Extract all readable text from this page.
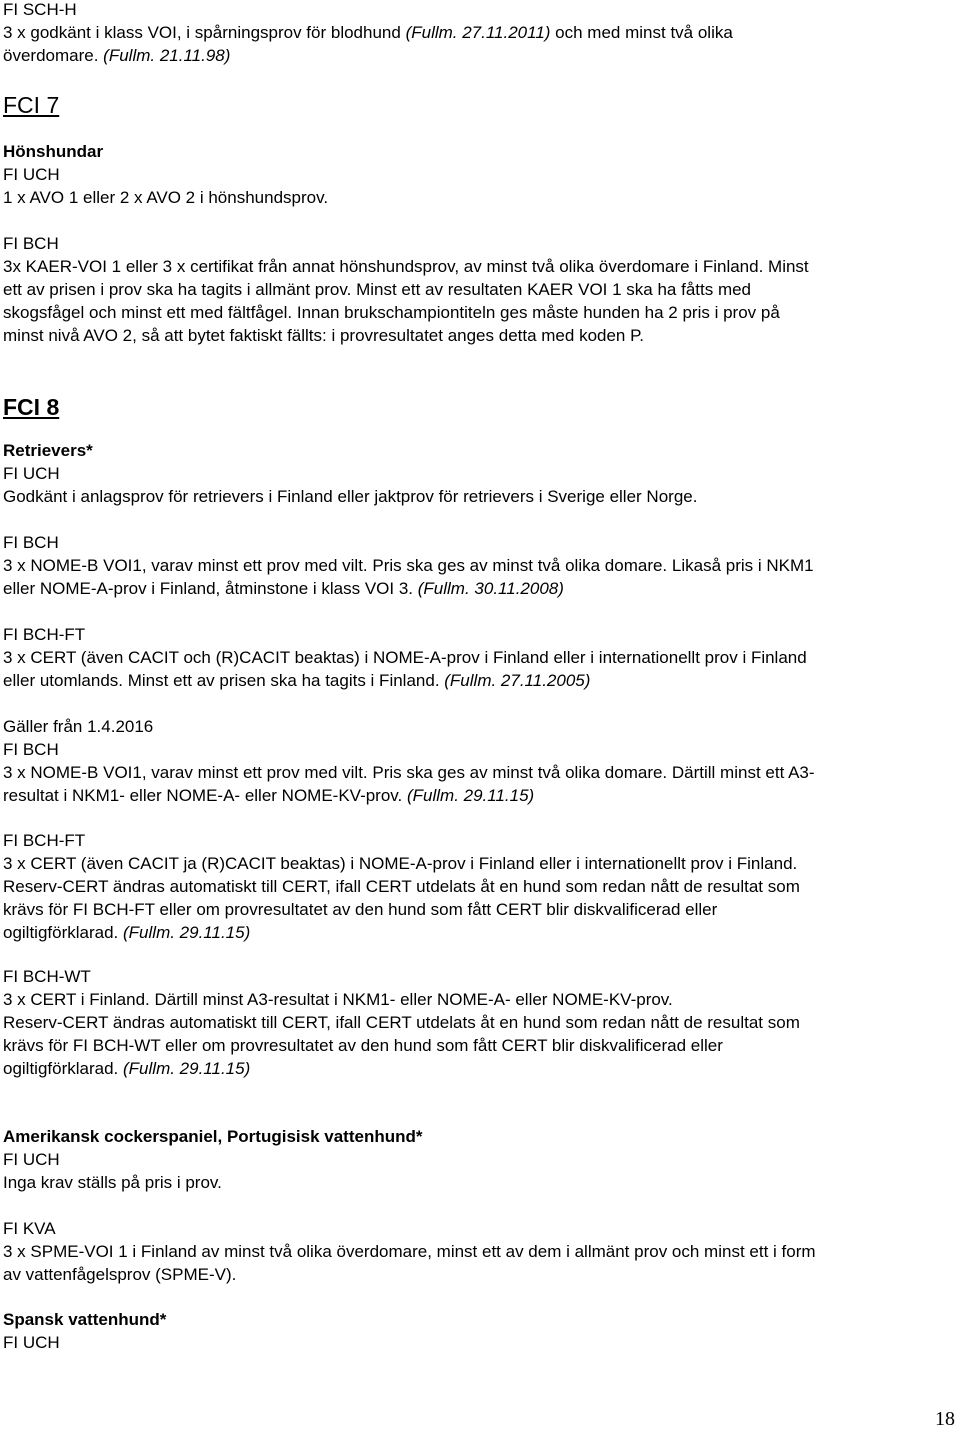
FI SCH-H
3 x godkänt i klass VOI, i spårningsprov för blodhund (Fullm. 27.11.2011) och med minst två olika
överdomare. (Fullm. 21.11.98)
FCI 7
Hönshundar
FI UCH
1 x AVO 1 eller 2 x AVO 2 i hönshundsprov.
FI BCH
3x KAER-VOI 1 eller 3 x certifikat från annat hönshundsprov, av minst två olika överdomare i Finland. Minst
ett av prisen i prov ska ha tagits i allmänt prov. Minst ett av resultaten KAER VOI 1 ska ha fåtts med
skogsfågel och minst ett med fältfågel. Innan brukschampiontiteln ges måste hunden ha 2 pris i prov på
minst nivå AVO 2, så att bytet faktiskt fällts: i provresultatet anges detta med koden P.
FCI 8
Retrievers*
FI UCH
Godkänt i anlagsprov för retrievers i Finland eller jaktprov för retrievers i Sverige eller Norge.
FI BCH
3 x NOME-B VOI1, varav minst ett prov med vilt. Pris ska ges av minst två olika domare. Likaså pris i NKM1
eller NOME-A-prov i Finland, åtminstone i klass VOI 3. (Fullm. 30.11.2008)
FI BCH-FT
3 x CERT (även CACIT och (R)CACIT beaktas) i NOME-A-prov i Finland eller i internationellt prov i Finland
eller utomlands. Minst ett av prisen ska ha tagits i Finland. (Fullm. 27.11.2005)
Gäller från 1.4.2016
FI BCH
3 x NOME-B VOI1, varav minst ett prov med vilt. Pris ska ges av minst två olika domare. Därtill minst ett A3-
resultat i NKM1- eller NOME-A- eller NOME-KV-prov. (Fullm. 29.11.15)
FI BCH-FT
3 x CERT (även CACIT ja (R)CACIT beaktas) i NOME-A-prov i Finland eller i internationellt prov i Finland.
Reserv-CERT ändras automatiskt till CERT, ifall CERT utdelats åt en hund som redan nått de resultat som
krävs för FI BCH-FT eller om provresultatet av den hund som fått CERT blir diskvalificerad eller
ogiltigförklarad. (Fullm. 29.11.15)
FI BCH-WT
3 x CERT i Finland. Därtill minst A3-resultat i NKM1- eller NOME-A- eller NOME-KV-prov.
Reserv-CERT ändras automatiskt till CERT, ifall CERT utdelats åt en hund som redan nått de resultat som
krävs för FI BCH-WT eller om provresultatet av den hund som fått CERT blir diskvalificerad eller
ogiltigförklarad. (Fullm. 29.11.15)
Amerikansk cockerspaniel, Portugisisk vattenhund*
FI UCH
Inga krav ställs på pris i prov.
FI KVA
3 x SPME-VOI 1 i Finland av minst två olika överdomare, minst ett av dem i allmänt prov och minst ett i form
av vattenfågelsprov (SPME-V).
Spansk vattenhund*
FI UCH
18
